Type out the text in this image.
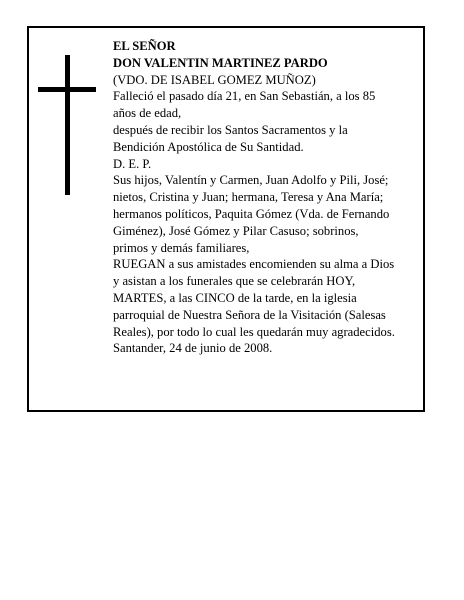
EL SEÑOR
DON VALENTIN MARTINEZ PARDO
(VDO. DE ISABEL GOMEZ MUÑOZ)
Falleció el pasado día 21, en San Sebastián, a los 85
años de edad,
después de recibir los Santos Sacramentos y la
Bendición Apostólica de Su Santidad.
D. E. P.
Sus hijos, Valentín y Carmen, Juan Adolfo y Pili, José;
nietos, Cristina y Juan; hermana, Teresa y Ana María;
hermanos políticos, Paquita Gómez (Vda. de Fernando
Giménez), José Gómez y Pilar Casuso; sobrinos,
primos y demás familiares,
RUEGAN a sus amistades encomienden su alma a Dios
y asistan a los funerales que se celebrarán HOY,
MARTES, a las CINCO de la tarde, en la iglesia
parroquial de Nuestra Señora de la Visitación (Salesas
Reales), por todo lo cual les quedarán muy agradecidos.
Santander, 24 de junio de 2008.
